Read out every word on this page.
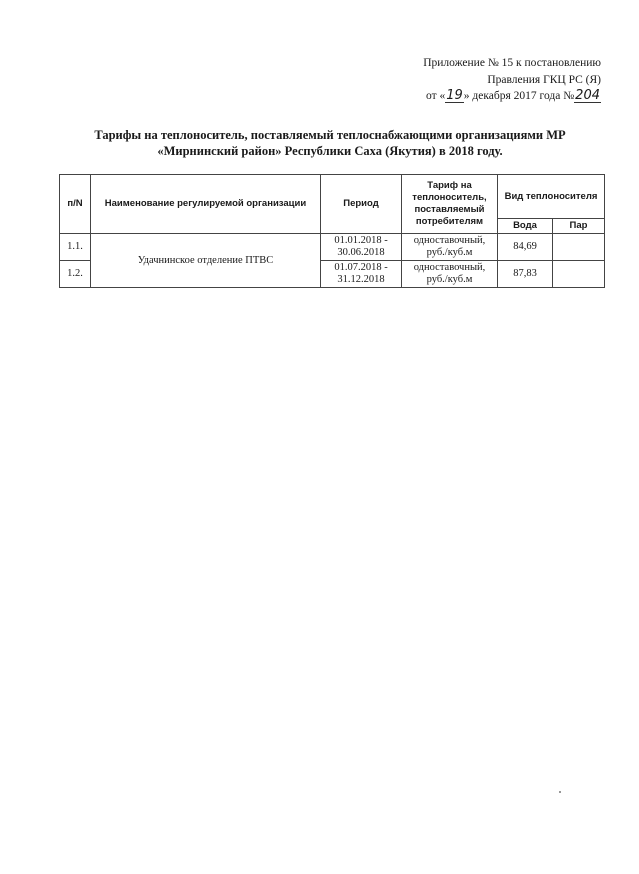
Приложение № 15 к постановлению
Правления ГКЦ РС (Я)
от «19» декабря 2017 года №204
Тарифы на теплоноситель, поставляемый теплоснабжающими организациями МР
«Мирнинский район» Республики Саха (Якутия) в 2018 году.
п/N	Наименование регулируемой организации	Период	Тариф на теплоноситель, поставляемый потребителям	Вид теплоносителя	
				Вода	Пар
1.1.	Удачнинское отделение ПТВС	01.01.2018 - 30.06.2018	одноставочный, руб./куб.м	84,69	
1.2.		01.07.2018 - 31.12.2018	одноставочный, руб./куб.м	87,83	
